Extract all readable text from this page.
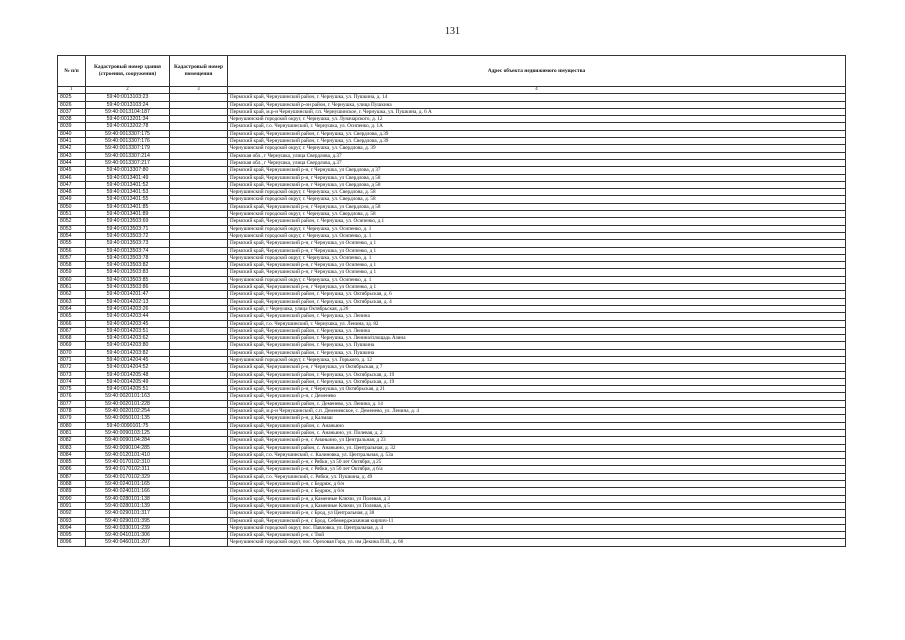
131
№ п/п	Кадастровый номер здания (строения, сооружения)	Кадастровый номер помещения	Адрес объекта недвижимого имущества
1	2	3	4
8025	59:40:0013103:23		Пермский край, Чернушинский район, г. Чернушка, ул. Пушкина, д. 14
8026	59:40:0013103:24		Пермский край, Чернушинский р-он район, г. Чернушка, улица Пушкина
8037	59:40:0013104:187		Пермский край, м.р-н Чернушинский, г.п. Чернушинское, г. Чернушка, ул. Пушкина, д. 6 А
8038	59:40:0013201:34		Чернушинский городской округ, г. Чернушка, ул. Луначарского, д. 12
8039	59:40:0013202:78		Пермский край, г.о. Чернушинский, г. Чернушка, ул. Осипенко, д. 1А
8040	59:40:0013307:175		Пермский край, Чернушинский район, г. Чернушка, ул. Свердлова, д.39
8041	59:40:0013307:176		Пермский край, Чернушинский район, г. Чернушка, ул. Свердлова, д.39
8042	59:40:0013307:179		Чернушинский городской округ, г. Чернушка, ул. Свердлова, д. 39
8043	59:40:0013307:214		Пермская обл., г Чернушка, улица Свердлова, д.37
8044	59:40:0013307:217		Пермская обл., г Чернушка, улица Свердлова, д.37
8045	59:40:0013307:80		Пермский край, Чернушинский р-н, г Чернушка, ул Свердлова, д 37
8046	59:40:0013401:49		Пермский край, Чернушинский р-н, г Чернушка, ул Свердлова, д 58
8047	59:40:0013401:52		Пермский край, Чернушинский р-н, г Чернушка, ул Свердлова, д 58
8048	59:40:0013401:53		Чернушинский городской округ, г. Чернушка, ул. Свердлова, д. 58
8049	59:40:0013401:55		Чернушинский городской округ, г. Чернушка, ул. Свердлова, д. 58
8050	59:40:0013401:85		Пермский край, Чернушинский р-н, г Чернушка, ул Свердлова, д 58
8051	59:40:0013401:89		Чернушинский городской округ, г. Чернушка, ул. Свердлова, д. 58
8052	59:40:0013503:69		Пермский край, Чернушинский район, г. Чернушка, ул. Осипенко, д.1
8053	59:40:0013503:71		Чернушинский городской округ, г. Чернушка, ул. Осипенко, д. 1
8054	59:40:0013503:72		Чернушинский городской округ, г. Чернушка, ул. Осипенко, д. 1
8055	59:40:0013503:73		Пермский край, Чернушинский р-н, г Чернушка, ул Осипенко, д 1
8056	59:40:0013503:74		Пермский край, Чернушинский р-н, г Чернушка, ул Осипенко, д 1
8057	59:40:0013503:78		Чернушинский городской округ, г. Чернушка, ул. Осипенко, д. 1
8058	59:40:0013503:82		Пермский край, Чернушинский р-н, г Чернушка, ул Осипенко, д 1
8059	59:40:0013503:83		Пермский край, Чернушинский р-н, г Чернушка, ул Осипенко, д 1
8060	59:40:0013503:85		Чернушинский городской округ, г. Чернушка, ул. Осипенко, д. 1
8061	59:40:0013503:86		Пермский край, Чернушинский р-н, г Чернушка, ул Осипенко, д 1
8062	59:40:0014201:47		Пермский край, Чернушинский район, г. Чернушка, ул. Октябрьская, д. 6
8063	59:40:0014202:13		Пермский край, Чернушинский район, г. Чернушка, ул. Октябрьская, д. 4
8064	59:40:0014203:26		Пермский край, г Чернушка, улица Октябрьская, д.26
8065	59:40:0014203:44		Пермский край, Чернушинский район, г. Чернушка, ул. Ленина
8066	59:40:0014203:45		Пермский край, г.о. Чернушинский, г. Чернушка, ул. Ленина, зд. 82
8067	59:40:0014203:51		Пермский край, Чернушинский район, г. Чернушка, ул. Ленина
8068	59:40:0014203:62		Пермский край, Чернушинский район, г. Чернушка, ул. Ленина/площадь Азина
8069	59:40:0014203:80		Пермский край, Чернушинский район, г. Чернушка, ул. Пушкина
8070	59:40:0014203:82		Пермский край, Чернушинский район, г. Чернушка, ул. Пушкина
8071	59:40:0014204:45		Чернушинский городской округ, г. Чернушка, ул. Горького, д. 12
8072	59:40:0014204:52		Пермский край, Чернушинский р-н, г Чернушка, ул Октябрьская, д 7
8073	59:40:0014205:48		Пермский край, Чернушинский район, г. Чернушка, ул. Октябрьская, д. 19
8074	59:40:0014205:49		Пермский край, Чернушинский район, г. Чернушка, ул. Октябрьская, д. 19
8075	59:40:0014205:51		Пермский край, Чернушинский р-н, г Чернушка, ул Октябрьская, д 21
8076	59:40:0020101:163		Пермский край, Чернушинский р-н, с Деменево
8077	59:40:0020101:228		Пермский край, Чернушинский район, с. Деменево, ул. Ленина, д. 14
8078	59:40:0020102:254		Пермский край, м.р-н Чернушинский, с.п. Деменевское, с. Деменево, ул. Ленина, д. 4
8079	59:40:0050101:135		Пермский край, Чернушинский р-н, д Калмаш
8080	59:40:0090101:75		Пермский край, Чернушинский район, с. Ананьино
8081	59:40:0090103:125		Пермский край, Чернушинский район, с. Ананьино, ул. Полевая, д. 2
8082	59:40:0090104:284		Пермский край, Чернушинский р-н, с Ананьино, ул Центральная, д 23
8083	59:40:0090104:285		Пермский край, Чернушинский район, с. Ананьино, ул. Центральная, д. 32
8084	59:40:0120101:410		Пермский край, г.о. Чернушинский, с. Калиновка, ул. Центральная, д. 53а
8085	59:40:0170102:310		Пермский край, Чернушинский р-н, с Рябки, ул 50 лет Октября, д 25
8086	59:40:0170102:311		Пермский край, Чернушинский р-н, с Рябки, ул 50 лет Октября, д 6/а
8087	59:40:0170102:329		Пермский край, г.о. Чернушинский, с. Рябки, ул. Пушкина, д. 49
8088	59:40:0240101:165		Пермский край, Чернушинский р-н, с Бедряж, д 6/н
8089	59:40:0240101:166		Пермский край, Чернушинский р-н, с Бедряж, д 6/н
8090	59:40:0280101:138		Пермский край, Чернушинский р-н, д Каменные Ключи, ул Полевая, д 3
8091	59:40:0280101:139		Пермский край, Чернушинский р-н, д Каменные Ключи, ул Полевая, д 5
8092	59:40:0290101:317		Пермский край, Чернушинский р-н, с Брод, ул Центральная, д 38
8093	59:40:0290101:395		Пермский край, Чернушинский р-н, с Брод, Себемерджазачная кирпич-11
8094	59:40:0330101:239		Чернушинский городской округ, пос. Павловка, ул. Центральная, д. 4
8095	59:40:0410101:306		Пермский край, Чернушинский р-н, с Тюй
8096	59:40:0460101:207		Чернушинский городской округ, пос. Ореховая Гора, ул. им Декина П.И., д. 66
